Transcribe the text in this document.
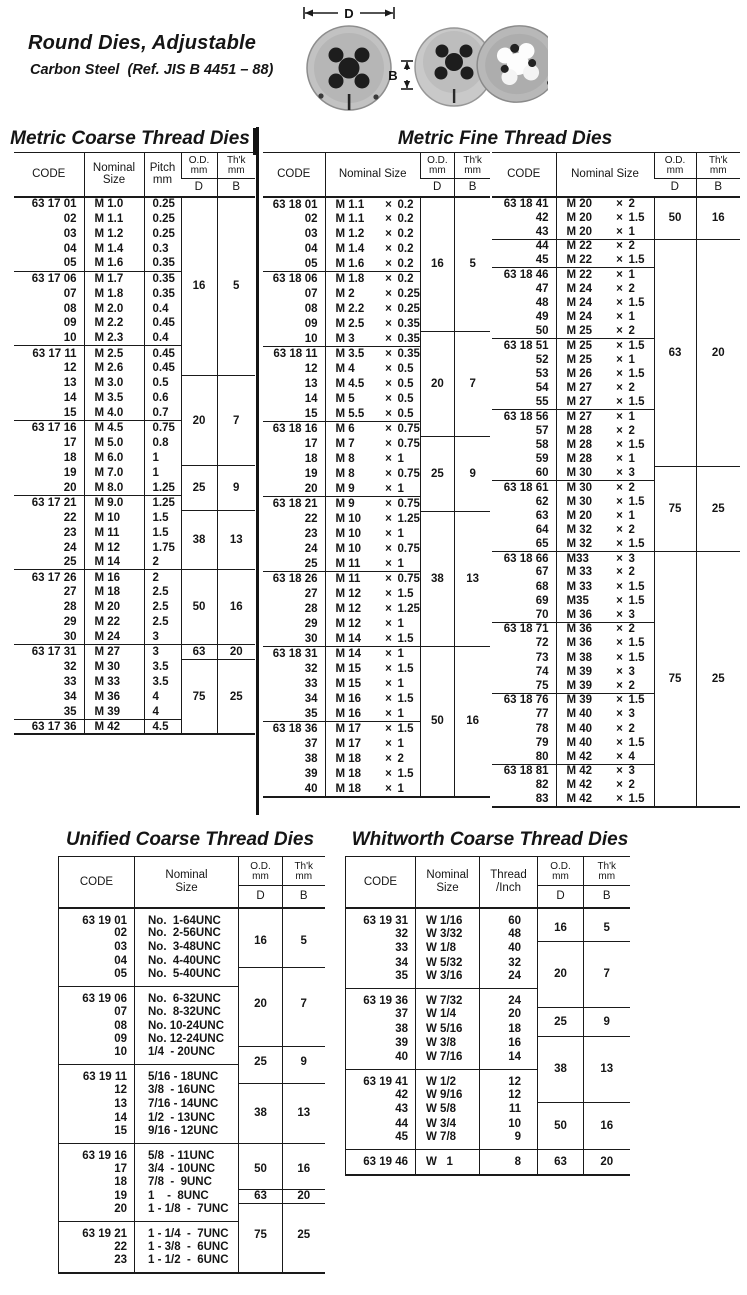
Round Dies, Adjustable
Carbon Steel  (Ref. JIS B 4451 – 88)
D
B
Metric Coarse Thread Dies	Metric Fine Thread Dies
CODE

Nominal
Size

Pitch
mm

O.D.
mm

Th'k
mm

			D	B
63 17 01	M 1.0	0.25	16	5
02	M 1.1	0.25		
03	M 1.2	0.25		
04	M 1.4	0.3		
05	M 1.6	0.35		
63 17 06	M 1.7	0.35		
07	M 1.8	0.35		
08	M 2.0	0.4		
09	M 2.2	0.45		
10	M 2.3	0.4		
63 17 11	M 2.5	0.45		
12	M 2.6	0.45		
13	M 3.0	0.5	20	7
14	M 3.5	0.6		
15	M 4.0	0.7		
63 17 16	M 4.5	0.75		
17	M 5.0	0.8		
18	M 6.0	1		
19	M 7.0	1	25	9
20	M 8.0	1.25		
63 17 21	M 9.0	1.25		
22	M 10	1.5	38	13
23	M 11	1.5		
24	M 12	1.75		
25	M 14	2		
63 17 26	M 16	2	50	16
27	M 18	2.5		
28	M 20	2.5		
29	M 22	2.5		
30	M 24	3		
63 17 31	M 27	3	63	20
32	M 30	3.5	75	25
33	M 33	3.5		
34	M 36	4		
35	M 39	4		
63 17 36	M 42	4.5		
CODE	Nominal Size

O.D.
mm

Th'k
mm

		D	B
63 18 01	M 1.1 × 0.2	16	5
02	M 1.1 × 0.2		
03	M 1.2 × 0.2		
04	M 1.4 × 0.2		
05	M 1.6 × 0.2		
63 18 06	M 1.8 × 0.2		
07	M 2 × 0.25		
08	M 2.2 × 0.25		
09	M 2.5 × 0.35		
10	M 3 × 0.35	20	7
63 18 11	M 3.5 × 0.35		
12	M 4 × 0.5		
13	M 4.5 × 0.5		
14	M 5 × 0.5		
15	M 5.5 × 0.5		
63 18 16	M 6 × 0.75		
17	M 7 × 0.75	25	9
18	M 8 × 1		
19	M 8 × 0.75		
20	M 9 × 1		
63 18 21	M 9 × 0.75		
22	M 10 × 1.25	38	13
23	M 10 × 1		
24	M 10 × 0.75		
25	M 11 × 1		
63 18 26	M 11 × 0.75		
27	M 12 × 1.5		
28	M 12 × 1.25		
29	M 12 × 1		
30	M 14 × 1.5		
63 18 31	M 14 × 1	50	16
32	M 15 × 1.5		
33	M 15 × 1		
34	M 16 × 1.5		
35	M 16 × 1		
63 18 36	M 17 × 1.5		
37	M 17 × 1		
38	M 18 × 2		
39	M 18 × 1.5		
40	M 18 × 1		
CODE	Nominal Size

O.D.
mm

Th'k
mm

		D	B
63 18 41	M 20 × 2	50	16
42	M 20 × 1.5		
43	M 20 × 1		
44	M 22 × 2	63	20
45	M 22 × 1.5		
63 18 46	M 22 × 1		
47	M 24 × 2		
48	M 24 × 1.5		
49	M 24 × 1		
50	M 25 × 2		
63 18 51	M 25 × 1.5		
52	M 25 × 1		
53	M 26 × 1.5		
54	M 27 × 2		
55	M 27 × 1.5		
63 18 56	M 27 × 1		
57	M 28 × 2		
58	M 28 × 1.5		
59	M 28 × 1		
60	M 30 × 3	75	25
63 18 61	M 30 × 2		
62	M 30 × 1.5		
63	M 20 × 1		
64	M 32 × 2		
65	M 32 × 1.5		
63 18 66	M33 × 3	75	25
67	M 33 × 2		
68	M 33 × 1.5		
69	M35 × 1.5		
70	M 36 × 3		
63 18 71	M 36 × 2		
72	M 36 × 1.5		
73	M 38 × 1.5		
74	M 39 × 3		
75	M 39 × 2		
63 18 76	M 39 × 1.5		
77	M 40 × 3		
78	M 40 × 2		
79	M 40 × 1.5		
80	M 42 × 4		
63 18 81	M 42 × 3		
82	M 42 × 2		
83	M 42 × 1.5		
Unified Coarse Thread Dies	Whitworth Coarse Thread Dies
CODE

Nominal
Size

O.D.
mm

Th'k
mm

		D	B
63 19 01	No.  1-64UNC	16	5
02	No.  2-56UNC		
03	No.  3-48UNC		
04	No.  4-40UNC		
05	No.  5-40UNC	20	7
63 19 06	No.  6-32UNC		
07	No.  8-32UNC		
08	No. 10-24UNC		
09	No. 12-24UNC		
10	1/4  - 20UNC	25	9
63 19 11	5/16 - 18UNC		
12	3/8  - 16UNC	38	13
13	7/16 - 14UNC		
14	1/2  - 13UNC		
15	9/16 - 12UNC		
63 19 16	5/8  - 11UNC	50	16
17	3/4  - 10UNC		
18	7/8  -  9UNC		
19	1    -  8UNC	63	20
20	1 - 1/8  -  7UNC	75	25
63 19 21	1 - 1/4  -  7UNC		
22	1 - 3/8  -  6UNC		
23	1 - 1/2  -  6UNC		
CODE

Nominal
Size

Thread
/Inch

O.D.
mm

Th'k
mm

			D	B
63 19 31	W 1/16	60	16	5
32	W 3/32	48		
33	W 1/8	40	20	7
34	W 5/32	32		
35	W 3/16	24		
63 19 36	W 7/32	24		
37	W 1/4	20	25	9
38	W 5/16	18		
39	W 3/8	16	38	13
40	W 7/16	14		
63 19 41	W 1/2	12		
42	W 9/16	12		
43	W 5/8	11	50	16
44	W 3/4	10		
45	W 7/8	9		
63 19 46	W   1	8	63	20
